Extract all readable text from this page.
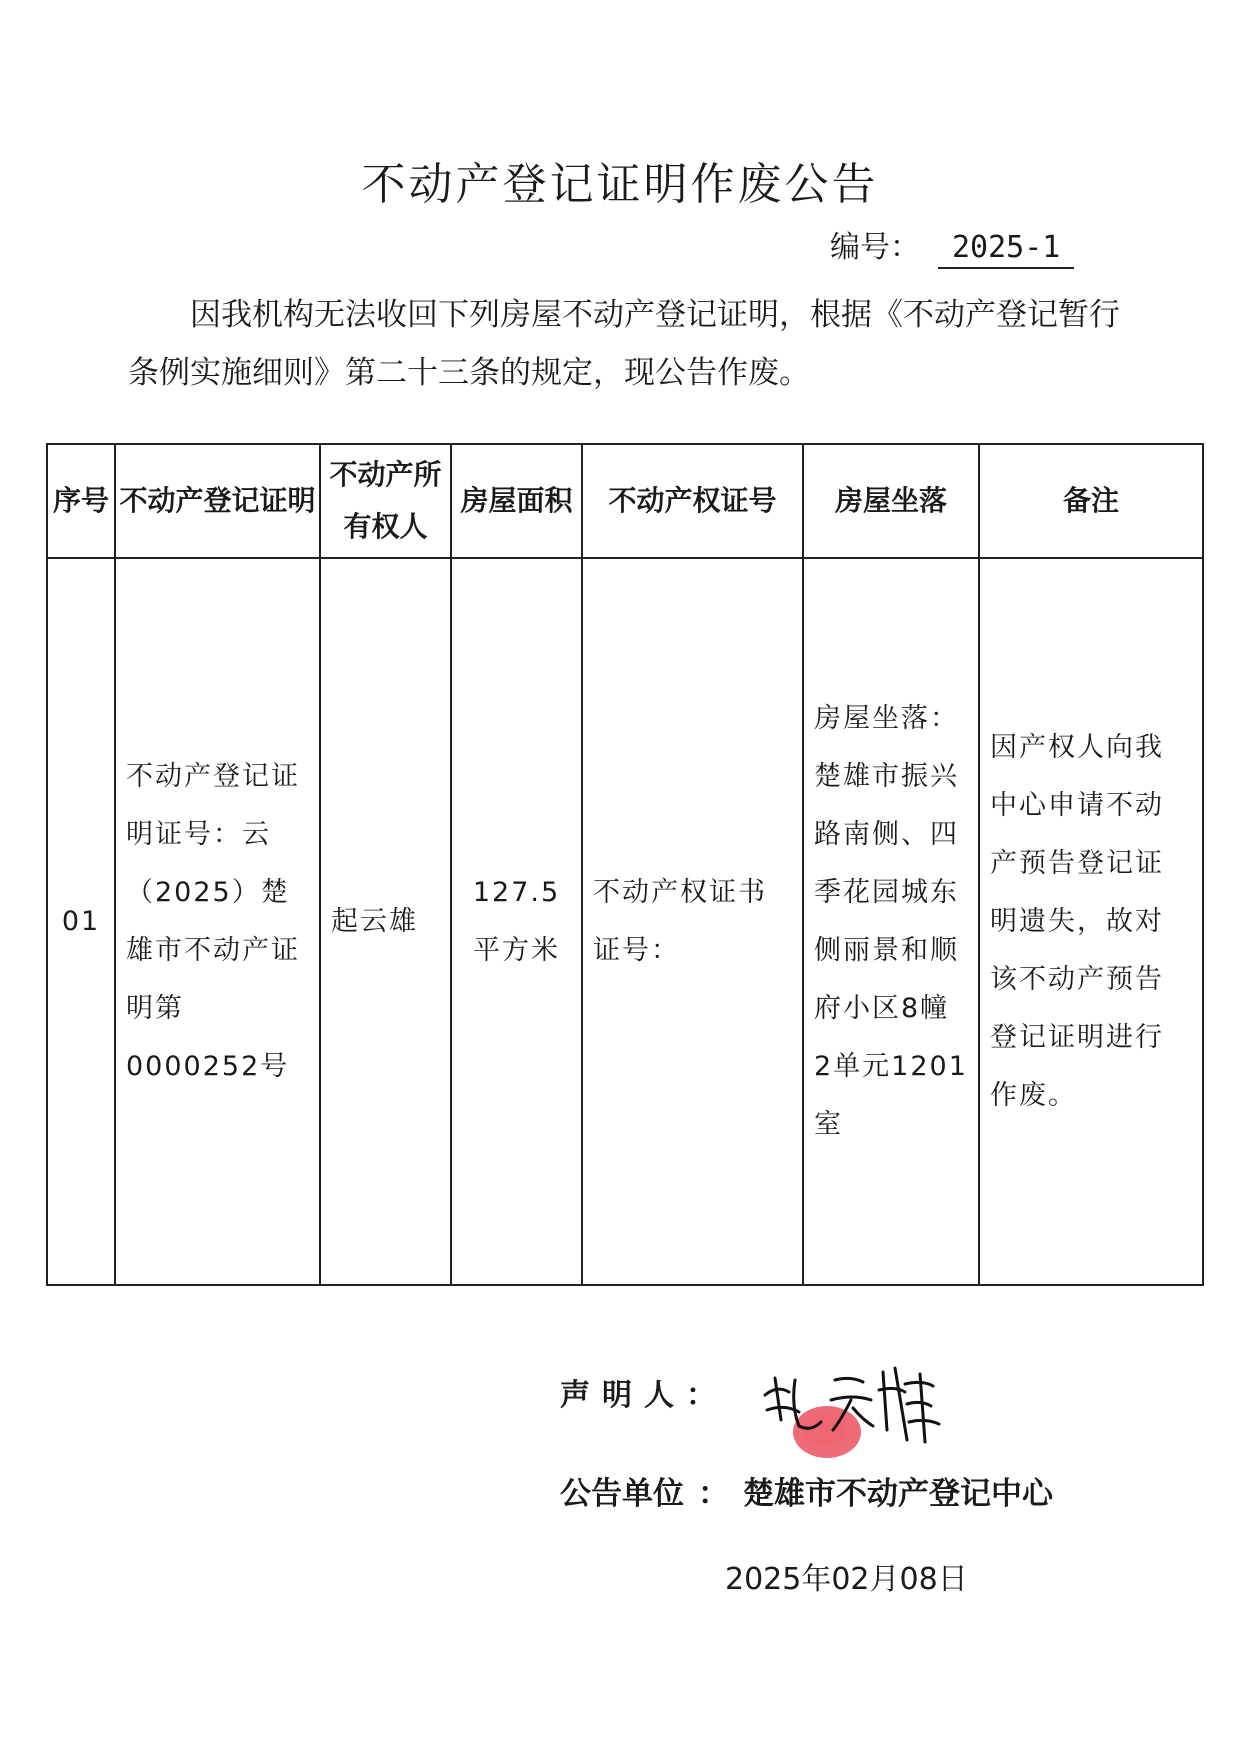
不动产登记证明作废公告
编号： 2025-1
因我机构无法收回下列房屋不动产登记证明，根据《不动产登记暂行条例实施细则》第二十三条的规定，现公告作废。
序号	不动产登记证明	不动产所有权人	房屋面积	不动产权证号	房屋坐落	备注
01	不动产登记证明证号：云（2025）楚雄市不动产证明第0000252号	起云雄	127.5平方米	不动产权证书证号：	房屋坐落：楚雄市振兴路南侧、四季花园城东侧丽景和顺府小区8幢2单元1201室	因产权人向我中心申请不动产预告登记证明遗失，故对该不动产预告登记证明进行作废。
声明人：
公告单位 ： 楚雄市不动产登记中心
2025年02月08日
